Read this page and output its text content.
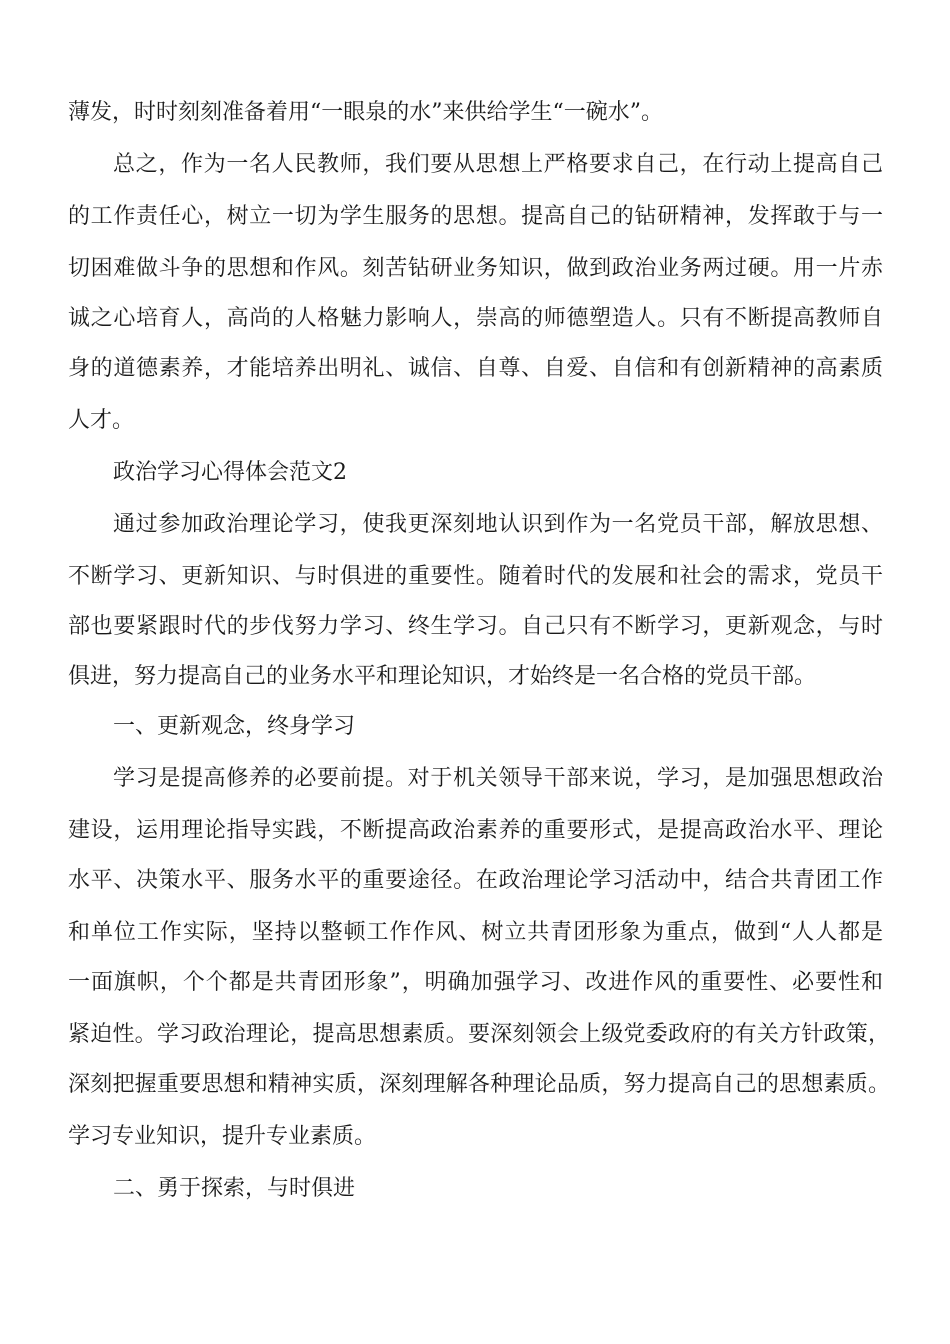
薄发，时时刻刻准备着用“一眼泉的水”来供给学生“一碗水”。
总之，作为一名人民教师，我们要从思想上严格要求自己，在行动上提高自己
的工作责任心，树立一切为学生服务的思想。提高自己的钻研精神，发挥敢于与一
切困难做斗争的思想和作风。刻苦钻研业务知识，做到政治业务两过硬。用一片赤
诚之心培育人，高尚的人格魅力影响人，崇高的师德塑造人。只有不断提高教师自
身的道德素养，才能培养出明礼、诚信、自尊、自爱、自信和有创新精神的高素质
人才。
政治学习心得体会范文2
通过参加政治理论学习，使我更深刻地认识到作为一名党员干部，解放思想、
不断学习、更新知识、与时俱进的重要性。随着时代的发展和社会的需求，党员干
部也要紧跟时代的步伐努力学习、终生学习。自己只有不断学习，更新观念，与时
俱进，努力提高自己的业务水平和理论知识，才始终是一名合格的党员干部。
一、更新观念，终身学习
学习是提高修养的必要前提。对于机关领导干部来说，学习，是加强思想政治
建设，运用理论指导实践，不断提高政治素养的重要形式，是提高政治水平、理论
水平、决策水平、服务水平的重要途径。在政治理论学习活动中，结合共青团工作
和单位工作实际，坚持以整顿工作作风、树立共青团形象为重点，做到“人人都是
一面旗帜，个个都是共青团形象”，明确加强学习、改进作风的重要性、必要性和
紧迫性。学习政治理论，提高思想素质。要深刻领会上级党委政府的有关方针政策，
深刻把握重要思想和精神实质，深刻理解各种理论品质，努力提高自己的思想素质。
学习专业知识，提升专业素质。
二、勇于探索，与时俱进
